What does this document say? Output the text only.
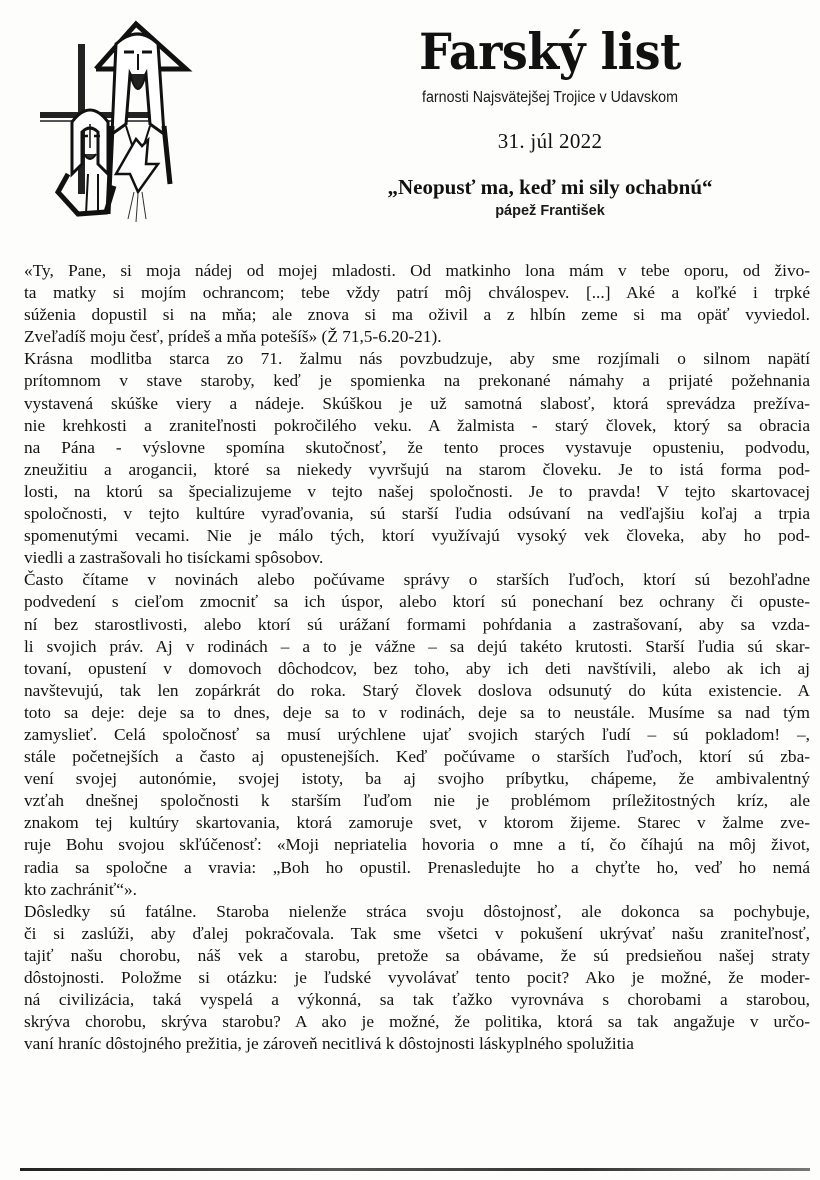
Farský list
farnosti Najsvätejšej Trojice v Udavskom
31. júl 2022
„Neopusť ma, keď mi sily ochabnú“
pápež František

«Ty, Pane, si moja nádej od mojej mladosti. Od matkinho lona mám v tebe oporu, od živo-
ta matky si mojím ochrancom; tebe vždy patrí môj chválospev. [...] Aké a koľké i trpké
súženia dopustil si na mňa; ale znova si ma oživil a z hlbín zeme si ma opäť vyviedol.
Zveľadíš moju česť, prídeš a mňa potešíš» (Ž 71,5-6.20-21).

Krásna modlitba starca zo 71. žalmu nás povzbudzuje, aby sme rozjímali o silnom napätí
prítomnom v stave staroby, keď je spomienka na prekonané námahy a prijaté požehnania
vystavená skúške viery a nádeje. Skúškou je už samotná slabosť, ktorá sprevádza prežíva-
nie krehkosti a zraniteľnosti pokročilého veku. A žalmista - starý človek, ktorý sa obracia
na Pána - výslovne spomína skutočnosť, že tento proces vystavuje opusteniu, podvodu,
zneužitiu a arogancii, ktoré sa niekedy vyvršujú na starom človeku. Je to istá forma pod-
losti, na ktorú sa špecializujeme v tejto našej spoločnosti. Je to pravda! V tejto skartovacej
spoločnosti, v tejto kultúre vyraďovania, sú starší ľudia odsúvaní na vedľajšiu koľaj a trpia
spomenutými vecami. Nie je málo tých, ktorí využívajú vysoký vek človeka, aby ho pod-
viedli a zastrašovali ho tisíckami spôsobov.

Často čítame v novinách alebo počúvame správy o starších ľuďoch, ktorí sú bezohľadne
podvedení s cieľom zmocniť sa ich úspor, alebo ktorí sú ponechaní bez ochrany či opuste-
ní bez starostlivosti, alebo ktorí sú urážaní formami pohŕdania a zastrašovaní, aby sa vzda-
li svojich práv. Aj v rodinách – a to je vážne – sa dejú takéto krutosti. Starší ľudia sú skar-
tovaní, opustení v domovoch dôchodcov, bez toho, aby ich deti navštívili, alebo ak ich aj
navštevujú, tak len zopárkrát do roka. Starý človek doslova odsunutý do kúta existencie. A
toto sa deje: deje sa to dnes, deje sa to v rodinách, deje sa to neustále. Musíme sa nad tým
zamyslieť. Celá spoločnosť sa musí urýchlene ujať svojich starých ľudí – sú pokladom! –,
stále početnejších a často aj opustenejších. Keď počúvame o starších ľuďoch, ktorí sú zba-
vení svojej autonómie, svojej istoty, ba aj svojho príbytku, chápeme, že ambivalentný
vzťah dnešnej spoločnosti k starším ľuďom nie je problémom príležitostných kríz, ale
znakom tej kultúry skartovania, ktorá zamoruje svet, v ktorom žijeme. Starec v žalme zve-
ruje Bohu svojou skľúčenosť: «Moji nepriatelia hovoria o mne a tí, čo číhajú na môj život,
radia sa spoločne a vravia: „Boh ho opustil. Prenasledujte ho a chyťte ho, veď ho nemá
kto zachrániť“».

Dôsledky sú fatálne. Staroba nielenže stráca svoju dôstojnosť, ale dokonca sa pochybuje,
či si zaslúži, aby ďalej pokračovala. Tak sme všetci v pokušení ukrývať našu zraniteľnosť,
tajiť našu chorobu, náš vek a starobu, pretože sa obávame, že sú predsieňou našej straty
dôstojnosti. Položme si otázku: je ľudské vyvolávať tento pocit? Ako je možné, že moder-
ná civilizácia, taká vyspelá a výkonná, sa tak ťažko vyrovnáva s chorobami a starobou,
skrýva chorobu, skrýva starobu? A ako je možné, že politika, ktorá sa tak angažuje v určo-
vaní hraníc dôstojného prežitia, je zároveň necitlivá k dôstojnosti láskyplného spolužitia
